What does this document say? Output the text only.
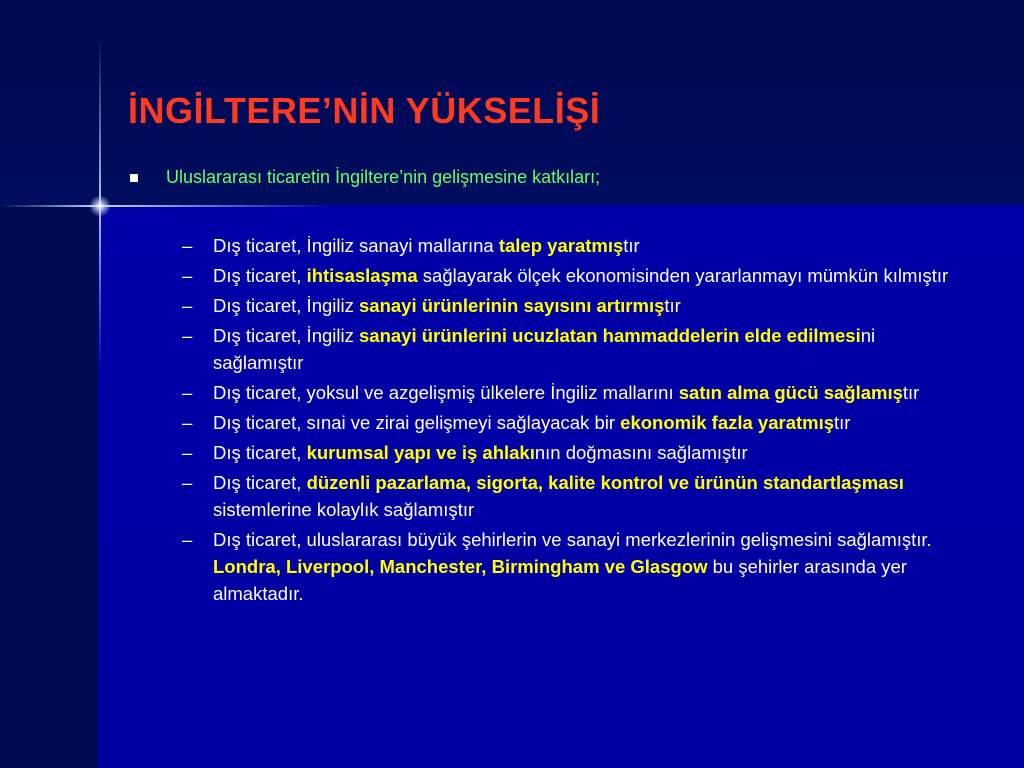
İNGİLTERE’NİN YÜKSELİŞİ
Uluslararası ticaretin İngiltere’nin gelişmesine katkıları;
– Dış ticaret, İngiliz sanayi mallarına talep yaratmıştır
– Dış ticaret, ihtisaslaşma sağlayarak ölçek ekonomisinden yararlanmayı mümkün kılmıştır
– Dış ticaret, İngiliz sanayi ürünlerinin sayısını artırmıştır
– Dış ticaret, İngiliz sanayi ürünlerini ucuzlatan hammaddelerin elde edilmesini sağlamıştır
– Dış ticaret, yoksul ve azgelişmiş ülkelere İngiliz mallarını satın alma gücü sağlamıştır
– Dış ticaret, sınai ve zirai gelişmeyi sağlayacak bir ekonomik fazla yaratmıştır
– Dış ticaret, kurumsal yapı ve iş ahlakının doğmasını sağlamıştır
– Dış ticaret, düzenli pazarlama, sigorta, kalite kontrol ve ürünün standartlaşması sistemlerine kolaylık sağlamıştır
– Dış ticaret, uluslararası büyük şehirlerin ve sanayi merkezlerinin gelişmesini sağlamıştır. Londra, Liverpool, Manchester, Birmingham ve Glasgow bu şehirler arasında yer almaktadır.
